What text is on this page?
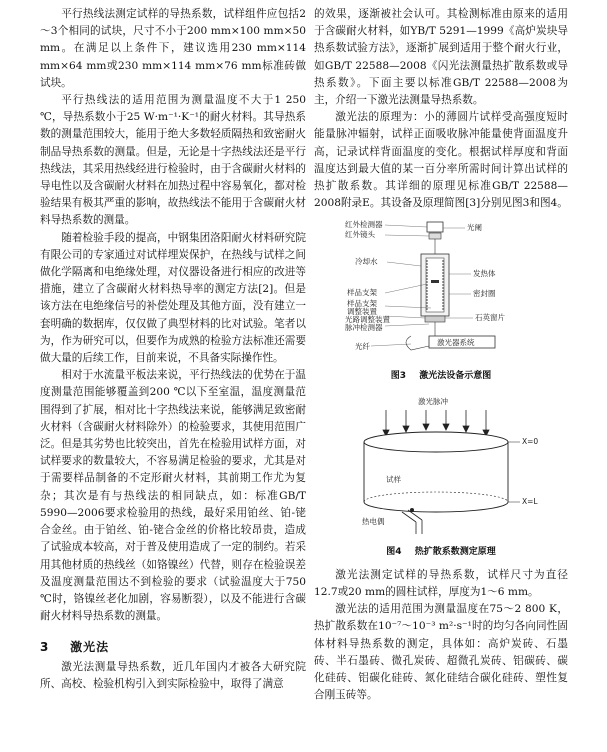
平行热线法测定试样的导热系数，试样组件应包括2～3个相同的试块，尺寸不小于200 mm×100 mm×50 mm。在满足以上条件下，建议选用230 mm×114 mm×64 mm或230 mm×114 mm×76 mm标准砖做试块。

平行热线法的适用范围为测量温度不大于1 250 ℃，导热系数小于25 W·m⁻¹·K⁻¹的耐火材料。其导热系数的测量范围较大，能用于绝大多数轻质隔热和致密耐火制品导热系数的测量。但是，无论是十字热线法还是平行热线法，其采用热线经进行检验时，由于含碳耐火材料的导电性以及含碳耐火材料在加热过程中容易氧化，都对检验结果有极其严重的影响，故热线法不能用于含碳耐火材料导热系数的测量。

随着检验手段的提高，中钢集团洛阳耐火材料研究院有限公司的专家通过对试样埋炭保护，在热线与试样之间做化学隔离和电绝缘处理，对仪器设备进行相应的改进等措施，建立了含碳耐火材料热导率的测定方法[2]。但是该方法在电绝缘信号的补偿处理及其他方面，没有建立一套明确的数据库，仅仅做了典型材料的比对试验。笔者以为，作为研究可以，但要作为成熟的检验方法标准还需要做大量的后续工作，目前来说，不具备实际操作性。

相对于水流量平板法来说，平行热线法的优势在于温度测量范围能够覆盖到200 ℃以下至室温，温度测量范围得到了扩展，相对比十字热线法来说，能够满足致密耐火材料（含碳耐火材料除外）的检验要求，其使用范围广泛。但是其劣势也比较突出，首先在检验用试样方面，对试样要求的数量较大，不容易满足检验的要求，尤其是对于需要样品制备的不定形耐火材料，其前期工作尤为复杂；其次是有与热线法的相同缺点，如：标准GB/T 5990—2006要求检验用的热线，最好采用铂丝、铂-铑合金丝。由于铂丝、铂-铑合金丝的价格比较昂贵，造成了试验成本较高，对于普及使用造成了一定的制约。若采用其他材质的热线丝（如铬镍丝）代替，则存在检验误差及温度测量范围达不到检验的要求（试验温度大于750 ℃时，铬镍丝老化加剧，容易断裂），以及不能进行含碳耐火材料导热系数的测量。

3 激光法

激光法测量导热系数，近几年国内才被各大研究院所、高校、检验机构引入到实际检验中，取得了满意

的效果，逐渐被社会认可。其检测标准由原来的适用于含碳耐火材料，如YB/T 5291—1999《高炉炭块导热系数试验方法》，逐渐扩展到适用于整个耐火行业，如GB/T 22588—2008《闪光法测量热扩散系数或导热系数》。下面主要以标准GB/T 22588—2008为主，介绍一下激光法测量导热系数。

激光法的原理为：小的薄圆片试样受高强度短时能量脉冲辐射，试样正面吸收脉冲能量使背面温度升高，记录试样背面温度的变化。根据试样厚度和背面温度达到最大值的某一百分率所需时间计算出试样的热扩散系数。其详细的原理见标准GB/T 22588—2008附录E。其设备及原理简图[3]分别见图3和图4。

红外检测器
红外镜头
光阑
冷却水
发热体
样品支架	密封圈
样品支架
调整装置
光路调整装置
脉冲检测器
石英窗片
光纤	激光器系统
图3 激光法设备示意图
激光脉冲
X=0
试样
X=L
热电偶
图4 热扩散系数测定原理

激光法测定试样的导热系数，试样尺寸为直径12.7或20 mm的圆柱试样，厚度为1～6 mm。

激光法的适用范围为测量温度在75～2 800 K，热扩散系数在10⁻⁷～10⁻³ m²·s⁻¹时的均匀各向同性固体材料导热系数的测定，具体如：高炉炭砖、石墨砖、半石墨砖、微孔炭砖、超微孔炭砖、铝碳砖、碳化硅砖、铝碳化硅砖、氮化硅结合碳化硅砖、塑性复合刚玉砖等。
